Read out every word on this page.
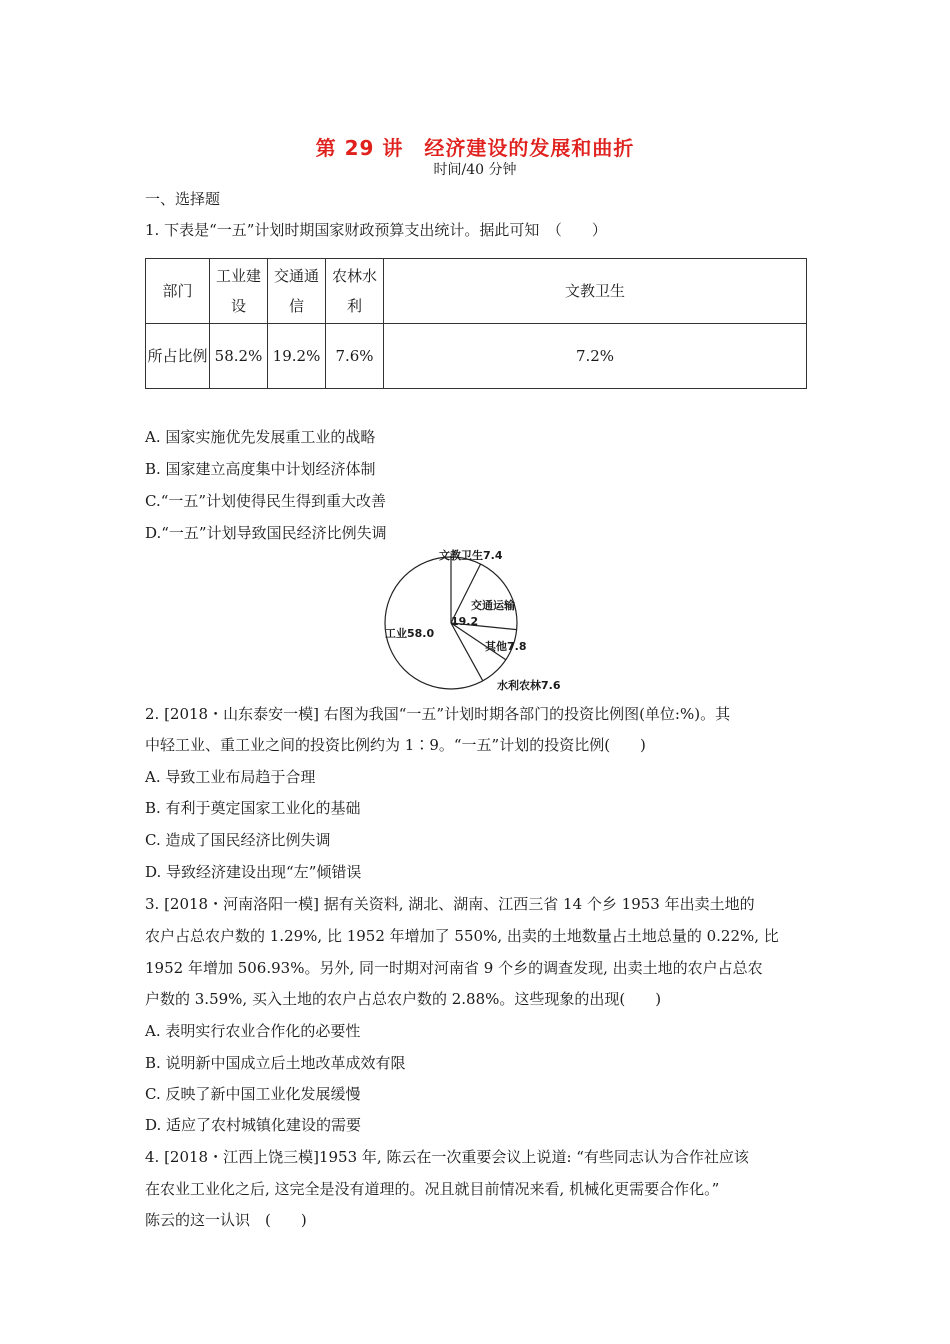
第 29 讲　经济建设的发展和曲折
时间/40 分钟
一、选择题
1. 下表是“一五”计划时期国家财政预算支出统计。据此可知　（　　）
部门	工业建设	交通通信	农林水利	文教卫生
所占比例	58.2%	19.2%	7.6%	7.2%
A. 国家实施优先发展重工业的战略
B. 国家建立高度集中计划经济体制
C.“一五”计划使得民生得到重大改善
D.“一五”计划导致国民经济比例失调
文教卫生7.4
交通运输
19.2
工业58.0
其他7.8
水利农林7.6
2. [2018・山东泰安一模] 右图为我国“一五”计划时期各部门的投资比例图(单位:%)。其
中轻工业、重工业之间的投资比例约为 1∶9。“一五”计划的投资比例(　　)
A. 导致工业布局趋于合理
B. 有利于奠定国家工业化的基础
C. 造成了国民经济比例失调
D. 导致经济建设出现“左”倾错误
3. [2018・河南洛阳一模] 据有关资料, 湖北、湖南、江西三省 14 个乡 1953 年出卖土地的
农户占总农户数的 1.29%, 比 1952 年增加了 550%, 出卖的土地数量占土地总量的 0.22%, 比
1952 年增加 506.93%。另外, 同一时期对河南省 9 个乡的调查发现, 出卖土地的农户占总农
户数的 3.59%, 买入土地的农户占总农户数的 2.88%。这些现象的出现(　　)
A. 表明实行农业合作化的必要性
B. 说明新中国成立后土地改革成效有限
C. 反映了新中国工业化发展缓慢
D. 适应了农村城镇化建设的需要
4. [2018・江西上饶三模]1953 年, 陈云在一次重要会议上说道: “有些同志认为合作社应该
在农业工业化之后, 这完全是没有道理的。况且就目前情况来看, 机械化更需要合作化。”
陈云的这一认识　(　　)
